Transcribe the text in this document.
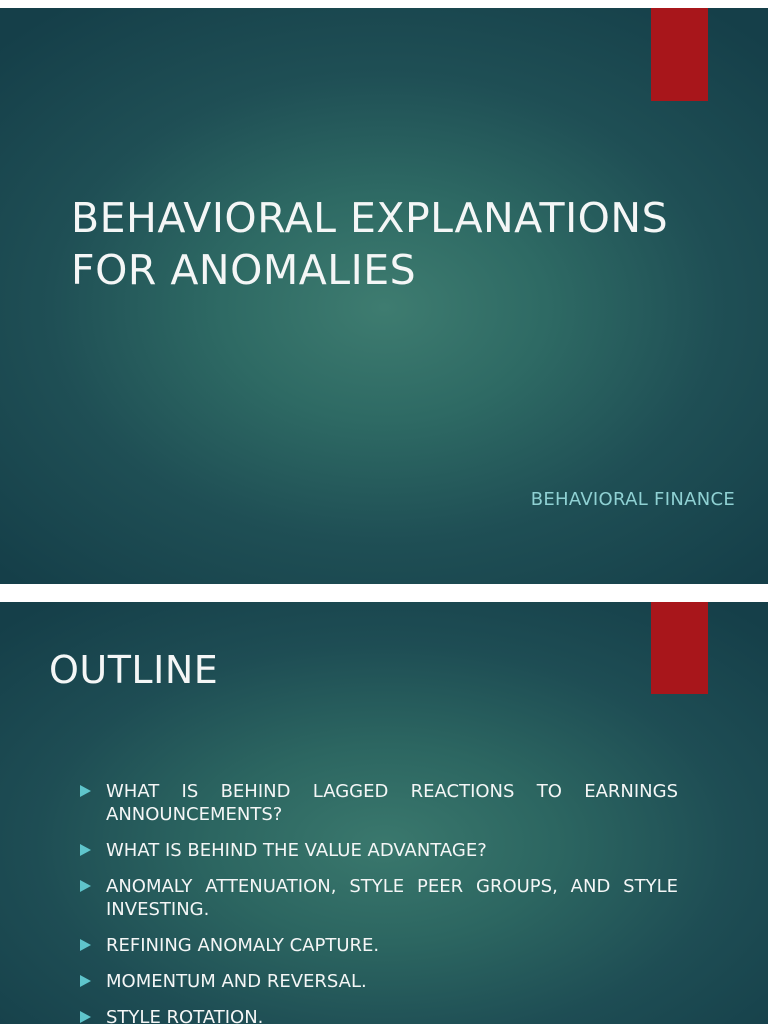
BEHAVIORAL EXPLANATIONS
FOR ANOMALIES
BEHAVIORAL FINANCE
OUTLINE
WHAT IS BEHIND LAGGED REACTIONS TO EARNINGS ANNOUNCEMENTS?
WHAT IS BEHIND THE VALUE ADVANTAGE?
ANOMALY ATTENUATION, STYLE PEER GROUPS, AND STYLE INVESTING.
REFINING ANOMALY CAPTURE.
MOMENTUM AND REVERSAL.
STYLE ROTATION.
